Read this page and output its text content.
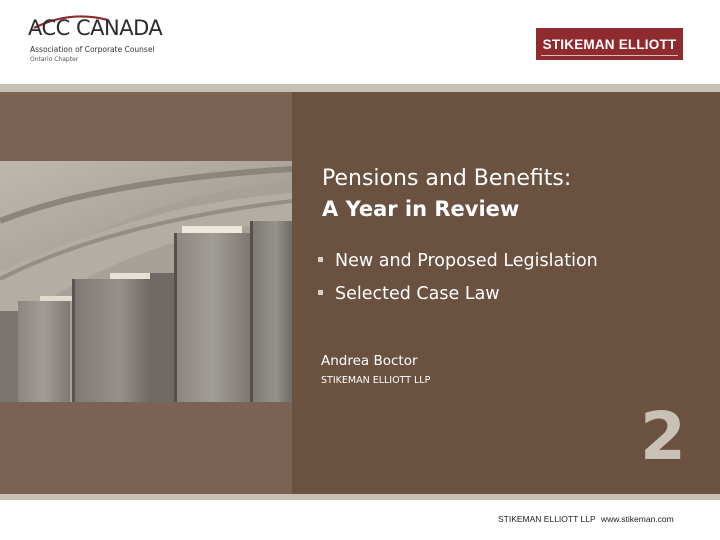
ACC CANADA
Association of Corporate Counsel
Ontario Chapter
STIKEMAN ELLIOTT
Pensions and Benefits:
A Year in Review
New and Proposed Legislation
Selected Case Law
Andrea Boctor
STIKEMAN ELLIOTT LLP
2
STIKEMAN ELLIOTT LLP www.stikeman.com
